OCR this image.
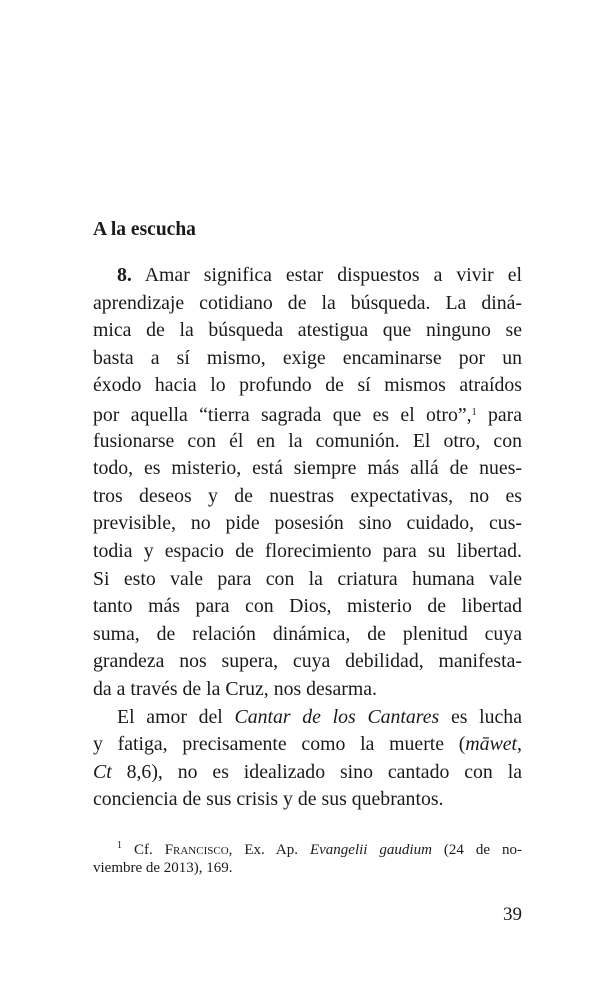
A la escucha
8. Amar significa estar dispuestos a vivir el
aprendizaje cotidiano de la búsqueda. La diná-
mica de la búsqueda atestigua que ninguno se
basta a sí mismo, exige encaminarse por un
éxodo hacia lo profundo de sí mismos atraídos
por aquella “tierra sagrada que es el otro”,$^1$ para
fusionarse con él en la comunión. El otro, con
todo, es misterio, está siempre más allá de nues-
tros deseos y de nuestras expectativas, no es
previsible, no pide posesión sino cuidado, cus-
todia y espacio de florecimiento para su libertad.
Si esto vale para con la criatura humana vale
tanto más para con Dios, misterio de libertad
suma, de relación dinámica, de plenitud cuya
grandeza nos supera, cuya debilidad, manifesta-
da a través de la Cruz, nos desarma.
El amor del Cantar de los Cantares es lucha
y fatiga, precisamente como la muerte (māwet,
Ct 8,6), no es idealizado sino cantado con la
conciencia de sus crisis y de sus quebrantos.
$^1$ Cf. Francisco, Ex. Ap. Evangelii gaudium (24 de no-
viembre de 2013), 169.
39
